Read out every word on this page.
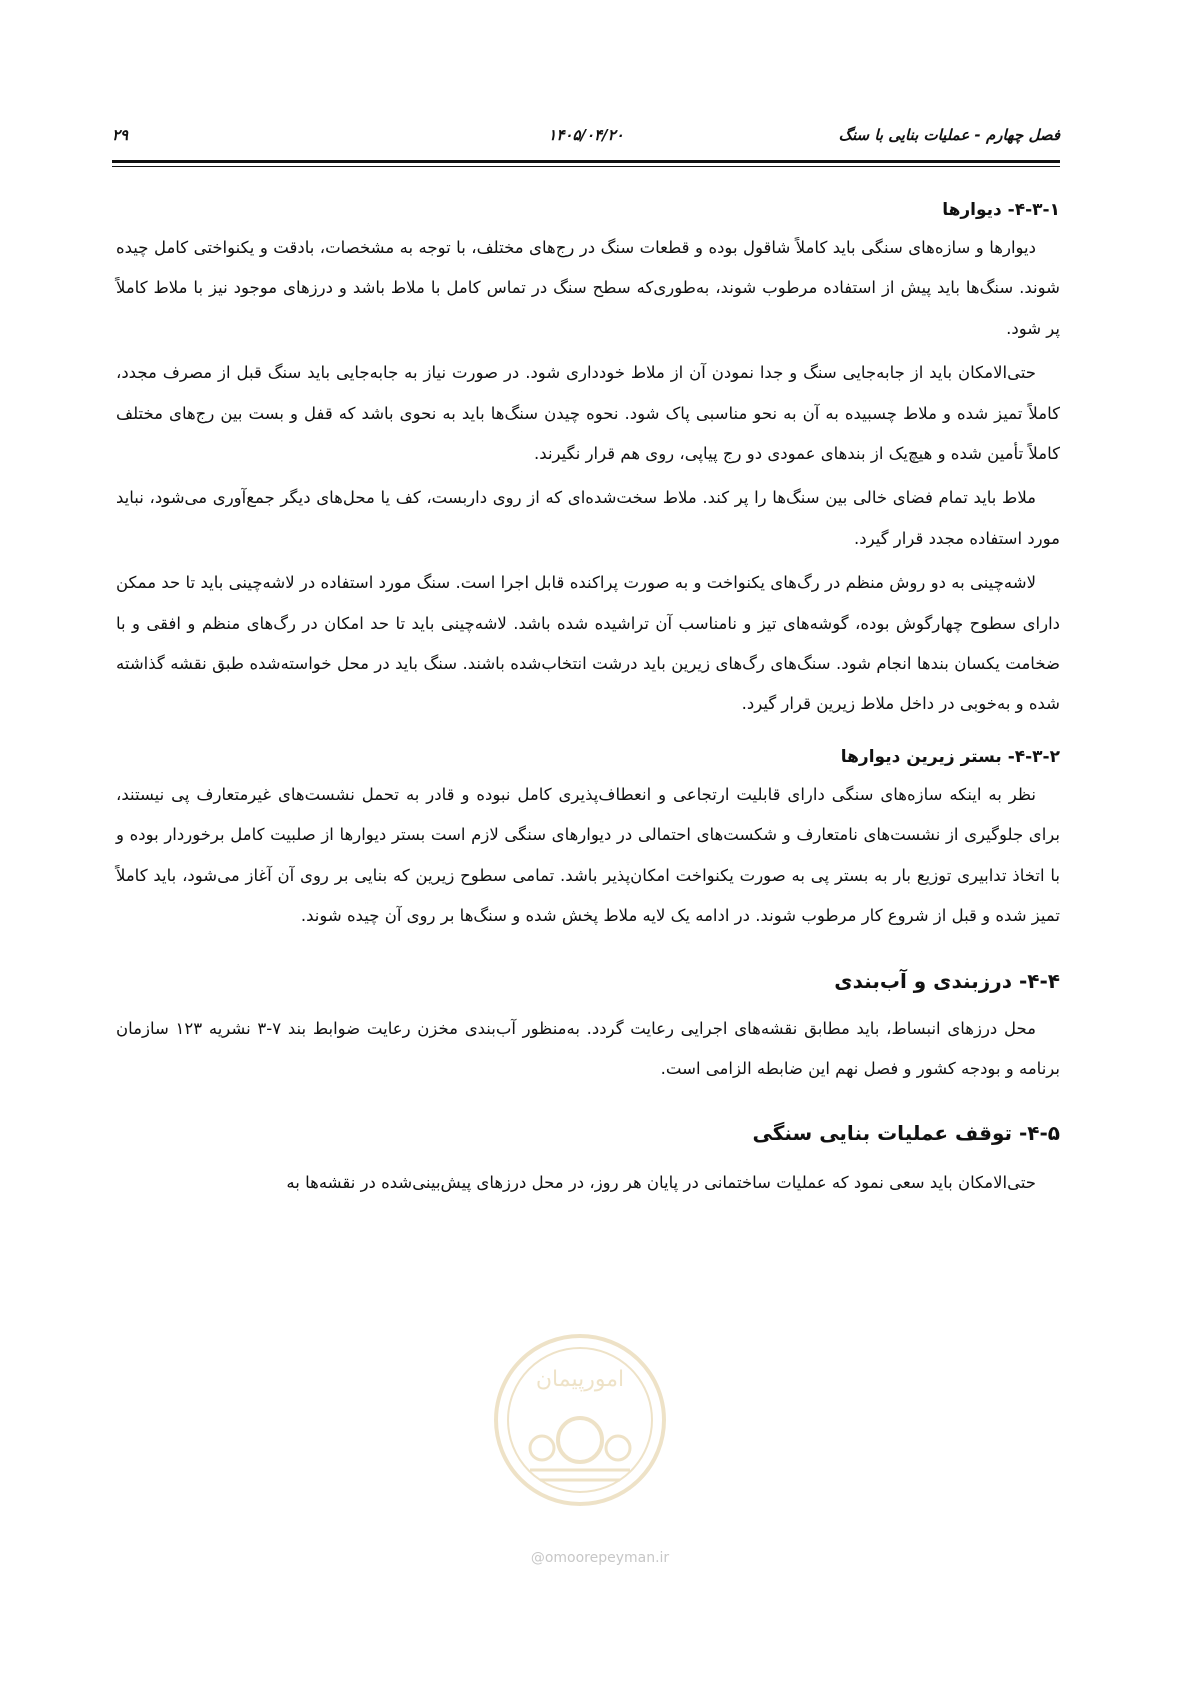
فصل چهارم - عملیات بنایی با سنگ
۱۴۰۵/۰۴/۲۰
۲۹
۴-۳-۱- دیوارها

دیوارها و سازه‌های سنگی باید کاملاً شاقول بوده و قطعات سنگ در رج‌های مختلف، با توجه به مشخصات، بادقت و یکنواختی کامل چیده شوند. سنگ‌ها باید پیش از استفاده مرطوب شوند، به‌طوری‌که سطح سنگ در تماس کامل با ملاط باشد و درزهای موجود نیز با ملاط کاملاً پر شود.

حتی‌الامکان باید از جابه‌جایی سنگ و جدا نمودن آن از ملاط خودداری شود. در صورت نیاز به جابه‌جایی باید سنگ قبل از مصرف مجدد، کاملاً تمیز شده و ملاط چسبیده به آن به نحو مناسبی پاک شود. نحوه چیدن سنگ‌ها باید به نحوی باشد که قفل و بست بین رج‌های مختلف کاملاً تأمین شده و هیچ‌یک از بندهای عمودی دو رج پیاپی، روی هم قرار نگیرند.

ملاط باید تمام فضای خالی بین سنگ‌ها را پر کند. ملاط سخت‌شده‌ای که از روی داربست، کف یا محل‌های دیگر جمع‌آوری می‌شود، نباید مورد استفاده مجدد قرار گیرد.

لاشه‌چینی به دو روش منظم در رگ‌های یکنواخت و به صورت پراکنده قابل اجرا است. سنگ مورد استفاده در لاشه‌چینی باید تا حد ممکن دارای سطوح چهارگوش بوده، گوشه‌های تیز و نامناسب آن تراشیده شده باشد. لاشه‌چینی باید تا حد امکان در رگ‌های منظم و افقی و با ضخامت یکسان بندها انجام شود. سنگ‌های رگ‌های زیرین باید درشت انتخاب‌شده باشند. سنگ باید در محل خواسته‌شده طبق نقشه گذاشته شده و به‌خوبی در داخل ملاط زیرین قرار گیرد.

۴-۳-۲- بستر زیرین دیوارها

نظر به اینکه سازه‌های سنگی دارای قابلیت ارتجاعی و انعطاف‌پذیری کامل نبوده و قادر به تحمل نشست‌های غیرمتعارف پی نیستند، برای جلوگیری از نشست‌های نامتعارف و شکست‌های احتمالی در دیوارهای سنگی لازم است بستر دیوارها از صلبیت کامل برخوردار بوده و با اتخاذ تدابیری توزیع بار به بستر پی به صورت یکنواخت امکان‌پذیر باشد. تمامی سطوح زیرین که بنایی بر روی آن آغاز می‌شود، باید کاملاً تمیز شده و قبل از شروع کار مرطوب شوند. در ادامه یک لایه ملاط پخش شده و سنگ‌ها بر روی آن چیده شوند.

۴-۴- درزبندی و آب‌بندی

محل درزهای انبساط، باید مطابق نقشه‌های اجرایی رعایت گردد. به‌منظور آب‌بندی مخزن رعایت ضوابط بند ۷-۳ نشریه ۱۲۳ سازمان برنامه و بودجه کشور و فصل نهم این ضابطه الزامی است.

۴-۵- توقف عملیات بنایی سنگی

حتی‌الامکان باید سعی نمود که عملیات ساختمانی در پایان هر روز، در محل درزهای پیش‌بینی‌شده در نقشه‌ها به

امورپیمان
@omoorepeyman.ir
